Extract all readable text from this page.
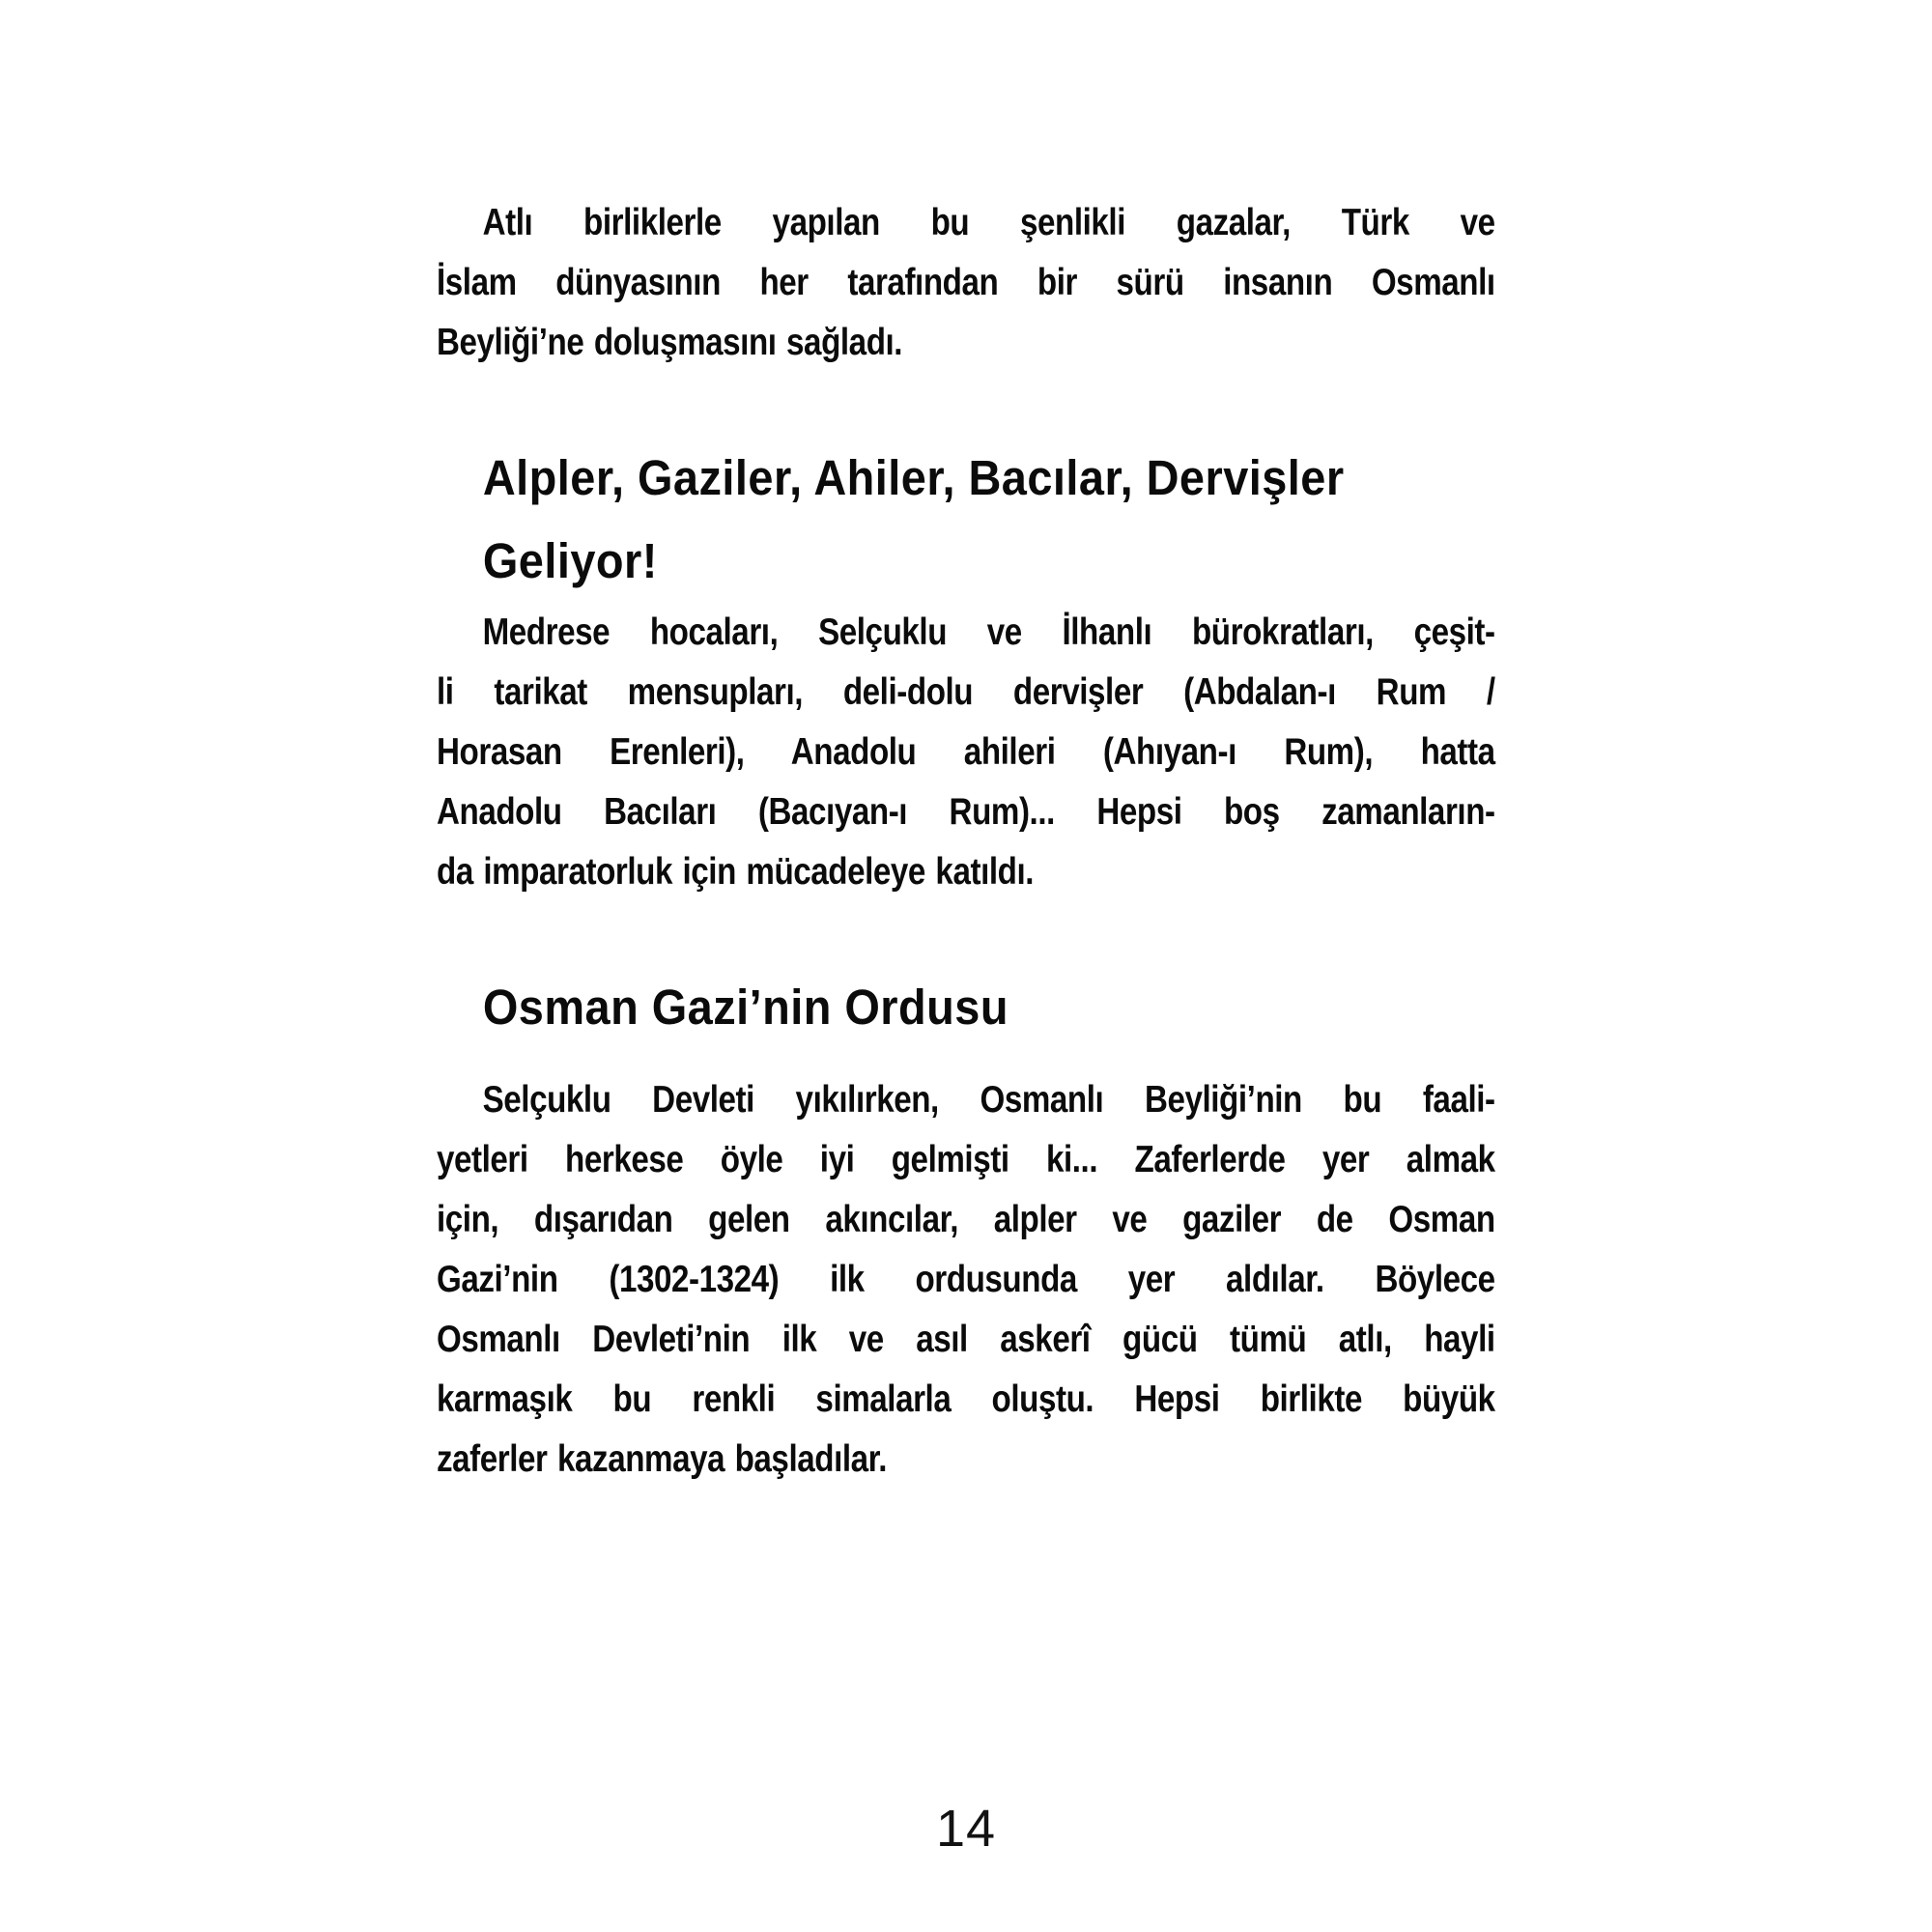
Atlı birliklerle yapılan bu şenlikli gazalar, Türk ve
İslam dünyasının her tarafından bir sürü insanın Osmanlı
Beyliği’ne doluşmasını sağladı.
Alpler, Gaziler, Ahiler, Bacılar, Dervişler
Geliyor!
Medrese hocaları, Selçuklu ve İlhanlı bürokratları, çeşit-
li tarikat mensupları, deli-dolu dervişler (Abdalan-ı Rum /
Horasan Erenleri), Anadolu ahileri (Ahıyan-ı Rum), hatta
Anadolu Bacıları (Bacıyan-ı Rum)... Hepsi boş zamanların-
da imparatorluk için mücadeleye katıldı.
Osman Gazi’nin Ordusu
Selçuklu Devleti yıkılırken, Osmanlı Beyliği’nin bu faali-
yetleri herkese öyle iyi gelmişti ki... Zaferlerde yer almak
için, dışarıdan gelen akıncılar, alpler ve gaziler de Osman
Gazi’nin (1302-1324) ilk ordusunda yer aldılar. Böylece
Osmanlı Devleti’nin ilk ve asıl askerî gücü tümü atlı, hayli
karmaşık bu renkli simalarla oluştu. Hepsi birlikte büyük
zaferler kazanmaya başladılar.
14
